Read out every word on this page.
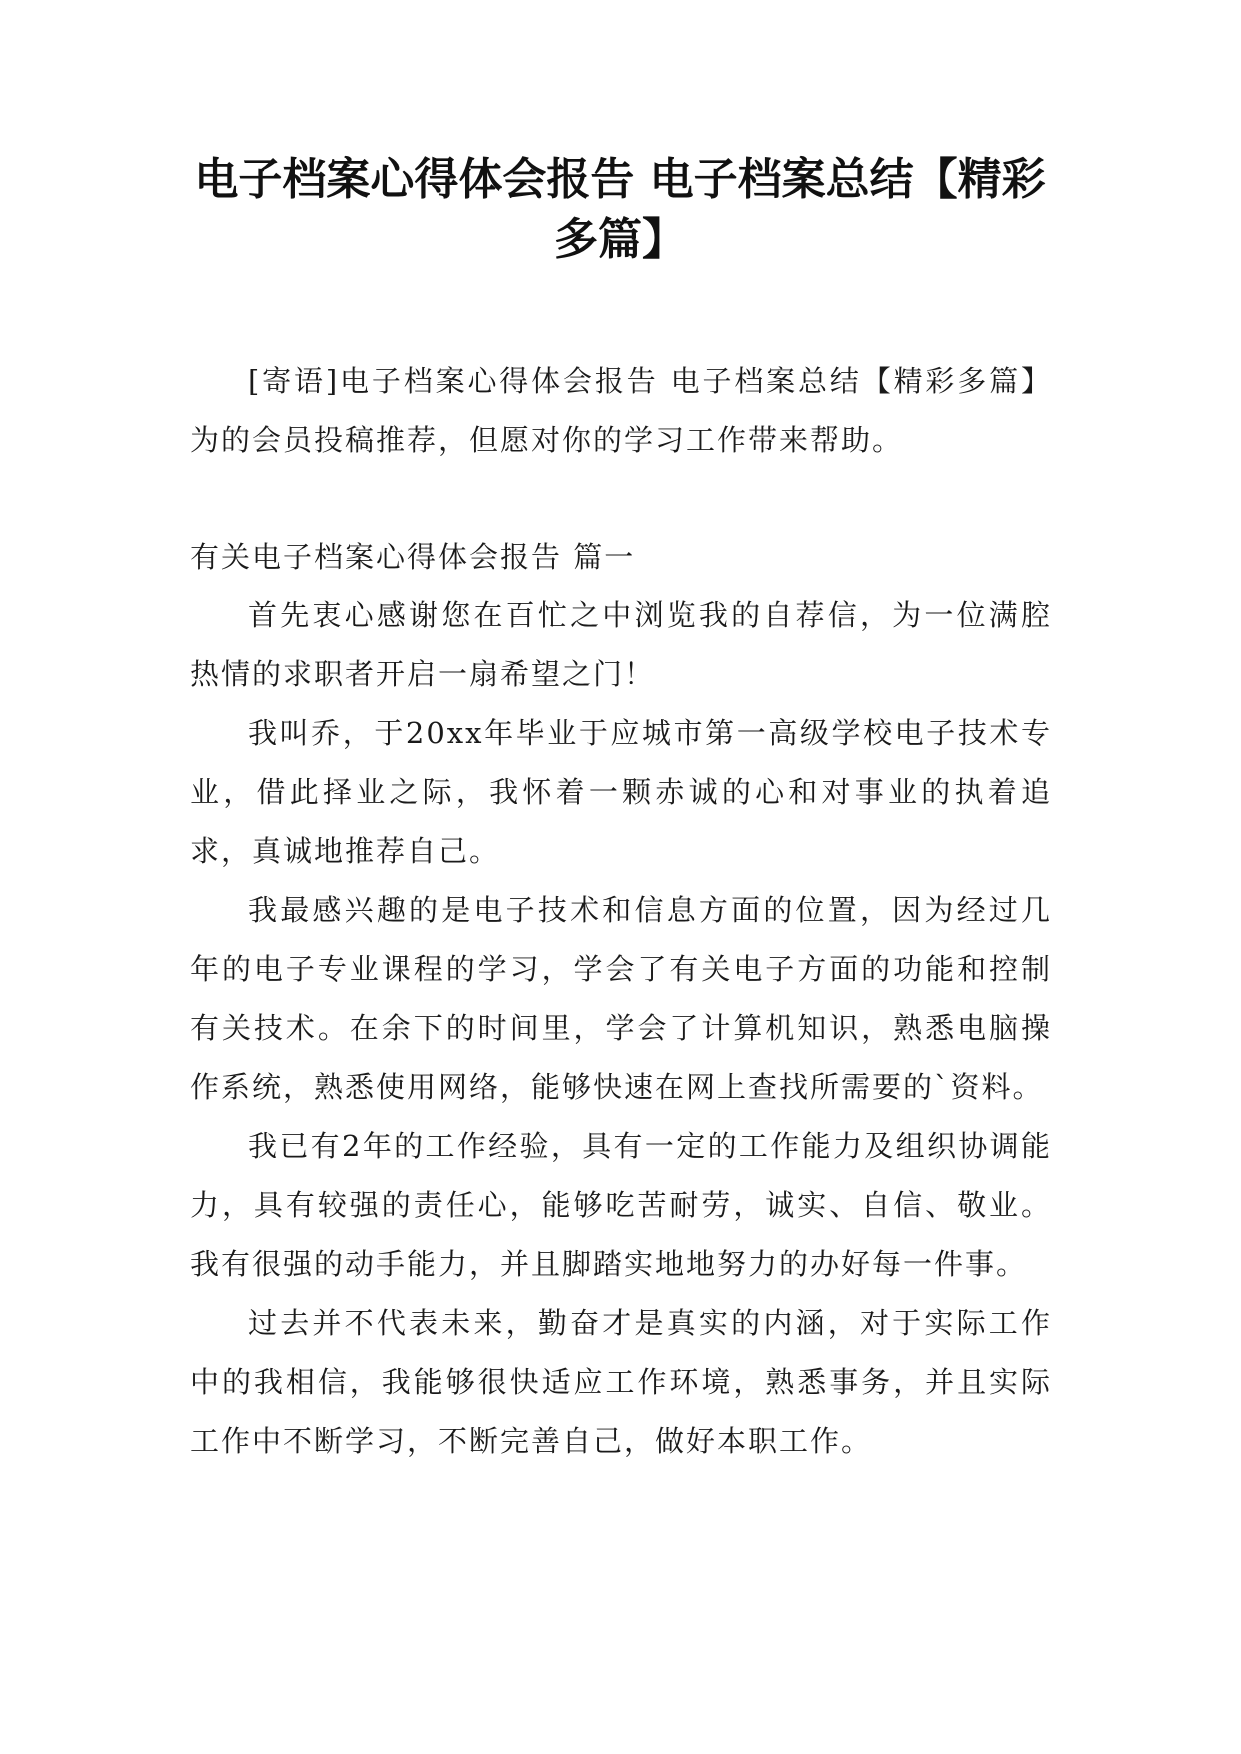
电子档案心得体会报告 电子档案总结【精彩多篇】

[寄语]电子档案心得体会报告 电子档案总结【精彩多篇】为的会员投稿推荐，但愿对你的学习工作带来帮助。

有关电子档案心得体会报告 篇一

首先衷心感谢您在百忙之中浏览我的自荐信，为一位满腔热情的求职者开启一扇希望之门！

我叫乔，于20xx年毕业于应城市第一高级学校电子技术专业，借此择业之际，我怀着一颗赤诚的心和对事业的执着追求，真诚地推荐自己。

我最感兴趣的是电子技术和信息方面的位置，因为经过几年的电子专业课程的学习，学会了有关电子方面的功能和控制有关技术。在余下的时间里，学会了计算机知识，熟悉电脑操作系统，熟悉使用网络，能够快速在网上查找所需要的`资料。

我已有2年的工作经验，具有一定的工作能力及组织协调能力，具有较强的责任心，能够吃苦耐劳，诚实、自信、敬业。我有很强的动手能力，并且脚踏实地地努力的办好每一件事。

过去并不代表未来，勤奋才是真实的内涵，对于实际工作中的我相信，我能够很快适应工作环境，熟悉事务，并且实际工作中不断学习，不断完善自己，做好本职工作。
